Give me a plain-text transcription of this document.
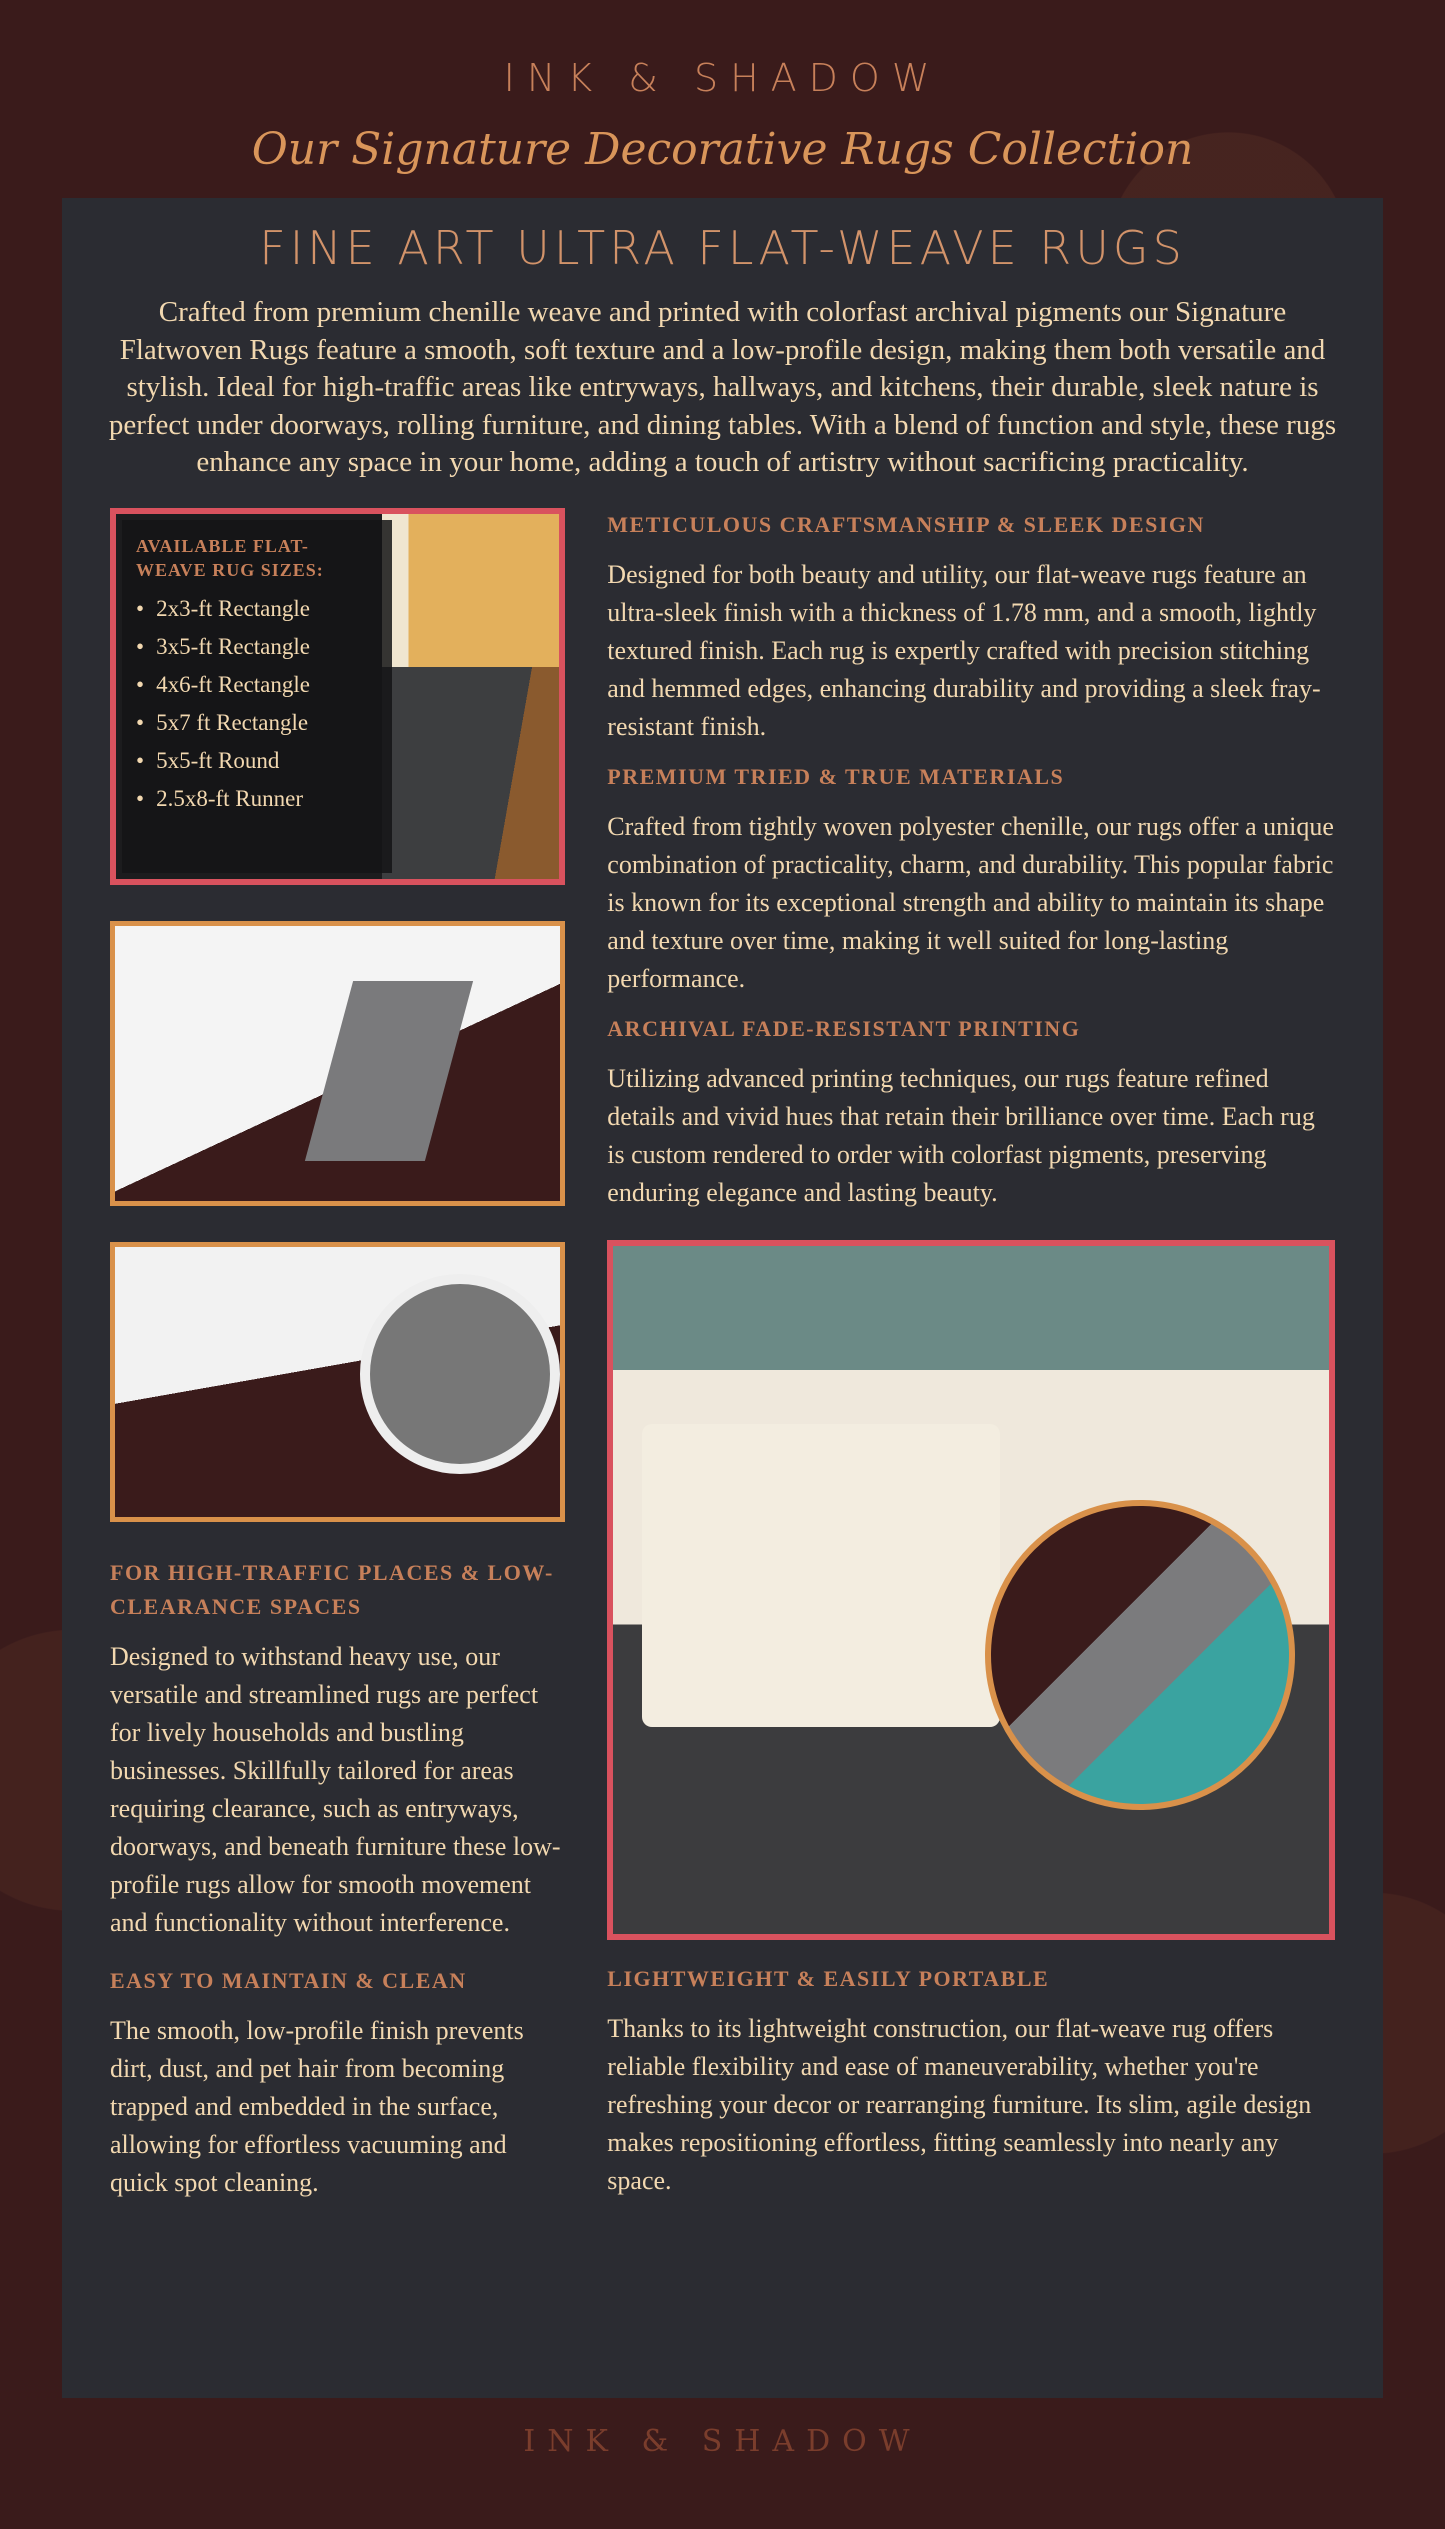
INK & SHADOW
Our Signature Decorative Rugs Collection
FINE ART ULTRA FLAT-WEAVE RUGS
Crafted from premium chenille weave and printed with colorfast archival pigments our Signature Flatwoven Rugs feature a smooth, soft texture and a low-profile design, making them both versatile and stylish. Ideal for high-traffic areas like entryways, hallways, and kitchens, their durable, sleek nature is perfect under doorways, rolling furniture, and dining tables. With a blend of function and style, these rugs enhance any space in your home, adding a touch of artistry without sacrificing practicality.
AVAILABLE FLAT-WEAVE RUG SIZES:
• 2x3-ft Rectangle
• 3x5-ft Rectangle
• 4x6-ft Rectangle
• 5x7 ft Rectangle
• 5x5-ft Round
• 2.5x8-ft Runner
FOR HIGH-TRAFFIC PLACES & LOW-CLEARANCE SPACES
Designed to withstand heavy use, our versatile and streamlined rugs are perfect for lively households and bustling businesses. Skillfully tailored for areas requiring clearance, such as entryways, doorways, and beneath furniture these low-profile rugs allow for smooth movement and functionality without interference.
EASY TO MAINTAIN & CLEAN
The smooth, low-profile finish prevents dirt, dust, and pet hair from becoming trapped and embedded in the surface, allowing for effortless vacuuming and quick spot cleaning.
METICULOUS CRAFTSMANSHIP & SLEEK DESIGN
Designed for both beauty and utility, our flat-weave rugs feature an ultra-sleek finish with a thickness of 1.78 mm, and a smooth, lightly textured finish. Each rug is expertly crafted with precision stitching and hemmed edges, enhancing durability and providing a sleek fray-resistant finish.
PREMIUM TRIED & TRUE MATERIALS
Crafted from tightly woven polyester chenille, our rugs offer a unique combination of practicality, charm, and durability. This popular fabric is known for its exceptional strength and ability to maintain its shape and texture over time, making it well suited for long-lasting performance.
ARCHIVAL FADE-RESISTANT PRINTING
Utilizing advanced printing techniques, our rugs feature refined details and vivid hues that retain their brilliance over time. Each rug is custom rendered to order with colorfast pigments, preserving enduring elegance and lasting beauty.
LIGHTWEIGHT & EASILY PORTABLE
Thanks to its lightweight construction, our flat-weave rug offers reliable flexibility and ease of maneuverability, whether you're refreshing your decor or rearranging furniture. Its slim, agile design makes repositioning effortless, fitting seamlessly into nearly any space.
INK & SHADOW
